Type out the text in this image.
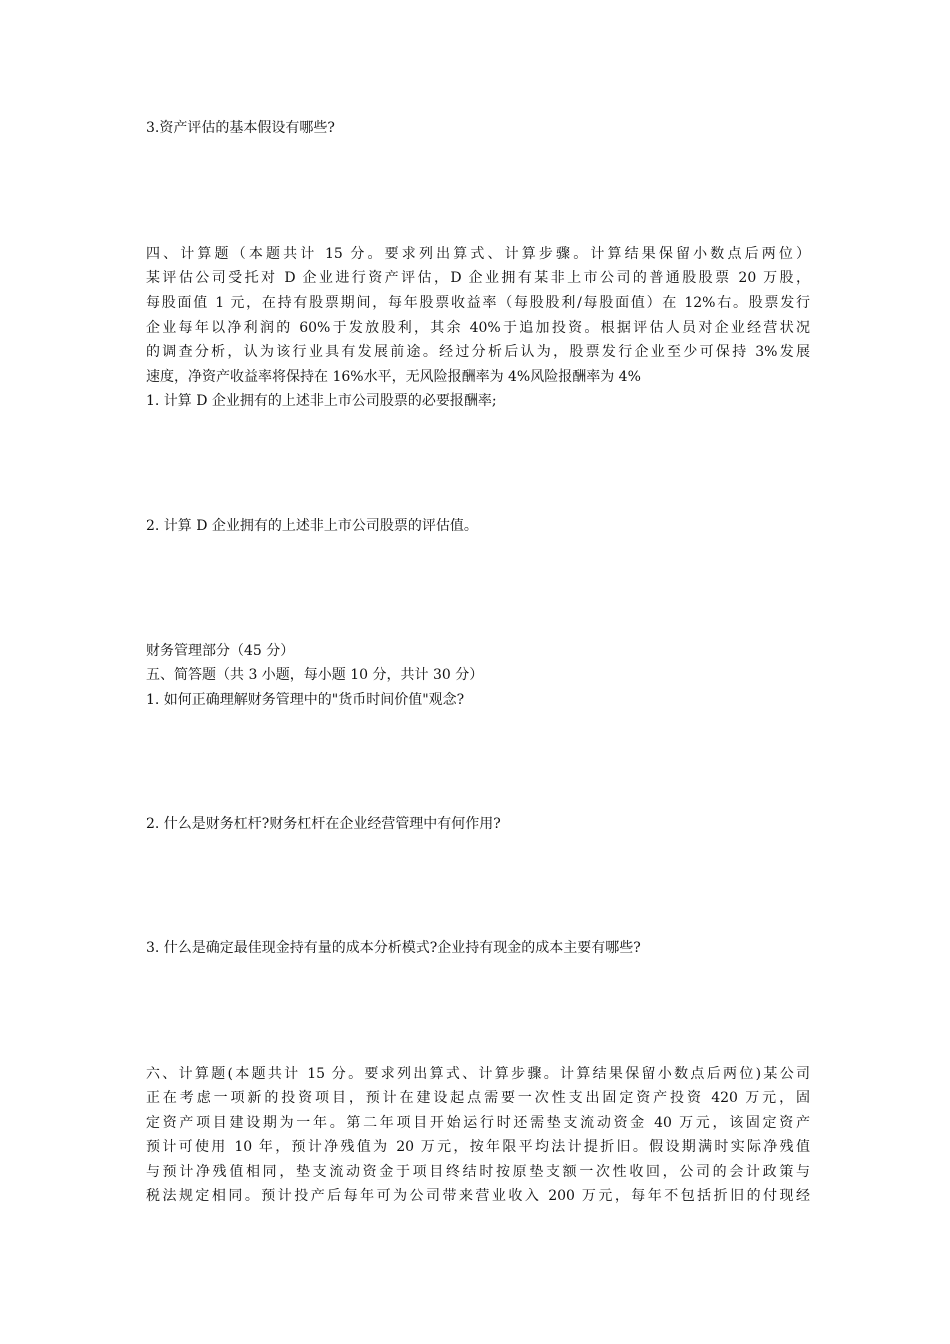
3.资产评估的基本假设有哪些?
四、计算题（本题共计 15 分。要求列出算式、计算步骤。计算结果保留小数点后两位）
某评估公司受托对 D 企业进行资产评估，D 企业拥有某非上市公司的普通股股票 20 万股，
每股面值 1 元，在持有股票期间，每年股票收益率（每股股利/每股面值）在 12%右。股票发行
企业每年以净利润的 60%于发放股利，其余 40%于追加投资。根据评估人员对企业经营状况
的调查分析，认为该行业具有发展前途。经过分析后认为，股票发行企业至少可保持 3%发展
速度，净资产收益率将保持在 16%水平，无风险报酬率为 4%风险报酬率为 4%
1. 计算 D 企业拥有的上述非上市公司股票的必要报酬率;
2. 计算 D 企业拥有的上述非上市公司股票的评估值。
财务管理部分（45 分）
五、简答题（共 3 小题，每小题 10 分，共计 30 分）
1. 如何正确理解财务管理中的"货币时间价值"观念?
2. 什么是财务杠杆?财务杠杆在企业经营管理中有何作用?
3. 什么是确定最佳现金持有量的成本分析模式?企业持有现金的成本主要有哪些?
六、计算题(本题共计 15 分。要求列出算式、计算步骤。计算结果保留小数点后两位)某公司
正在考虑一项新的投资项目，预计在建设起点需要一次性支出固定资产投资 420 万元，固
定资产项目建设期为一年。第二年项目开始运行时还需垫支流动资金 40 万元，该固定资产
预计可使用 10 年，预计净残值为 20 万元，按年限平均法计提折旧。假设期满时实际净残值
与预计净残值相同，垫支流动资金于项目终结时按原垫支额一次性收回，公司的会计政策与
税法规定相同。预计投产后每年可为公司带来营业收入 200 万元，每年不包括折旧的付现经
